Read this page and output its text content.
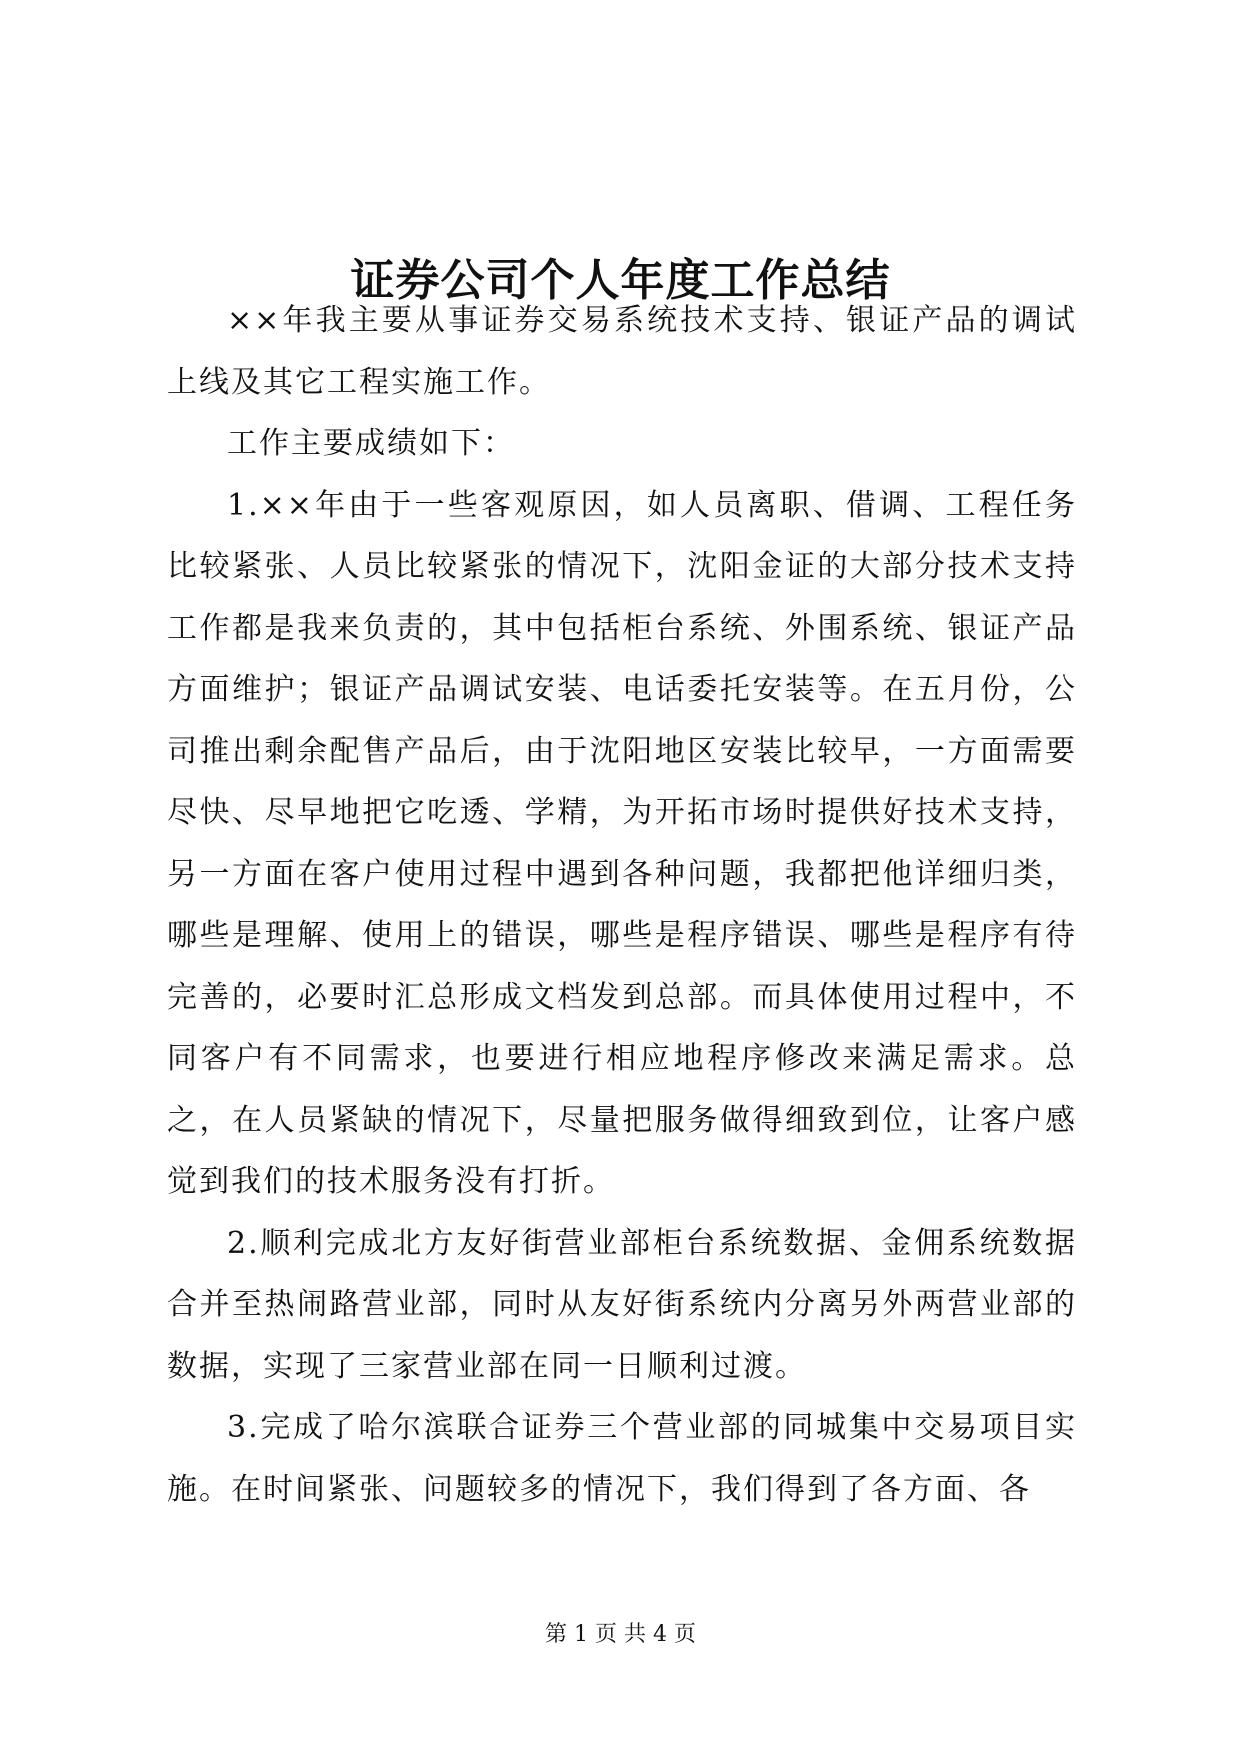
证券公司个人年度工作总结

××年我主要从事证券交易系统技术支持、银证产品的调试上线及其它工程实施工作。

工作主要成绩如下：

1.××年由于一些客观原因，如人员离职、借调、工程任务比较紧张、人员比较紧张的情况下，沈阳金证的大部分技术支持工作都是我来负责的，其中包括柜台系统、外围系统、银证产品方面维护；银证产品调试安装、电话委托安装等。在五月份，公司推出剩余配售产品后，由于沈阳地区安装比较早，一方面需要尽快、尽早地把它吃透、学精，为开拓市场时提供好技术支持，另一方面在客户使用过程中遇到各种问题，我都把他详细归类，哪些是理解、使用上的错误，哪些是程序错误、哪些是程序有待完善的，必要时汇总形成文档发到总部。而具体使用过程中，不同客户有不同需求，也要进行相应地程序修改来满足需求。总之，在人员紧缺的情况下，尽量把服务做得细致到位，让客户感觉到我们的技术服务没有打折。

2.顺利完成北方友好街营业部柜台系统数据、金佣系统数据合并至热闹路营业部，同时从友好街系统内分离另外两营业部的数据，实现了三家营业部在同一日顺利过渡。

3.完成了哈尔滨联合证券三个营业部的同城集中交易项目实施。在时间紧张、问题较多的情况下，我们得到了各方面、各

第 1 页 共 4 页
